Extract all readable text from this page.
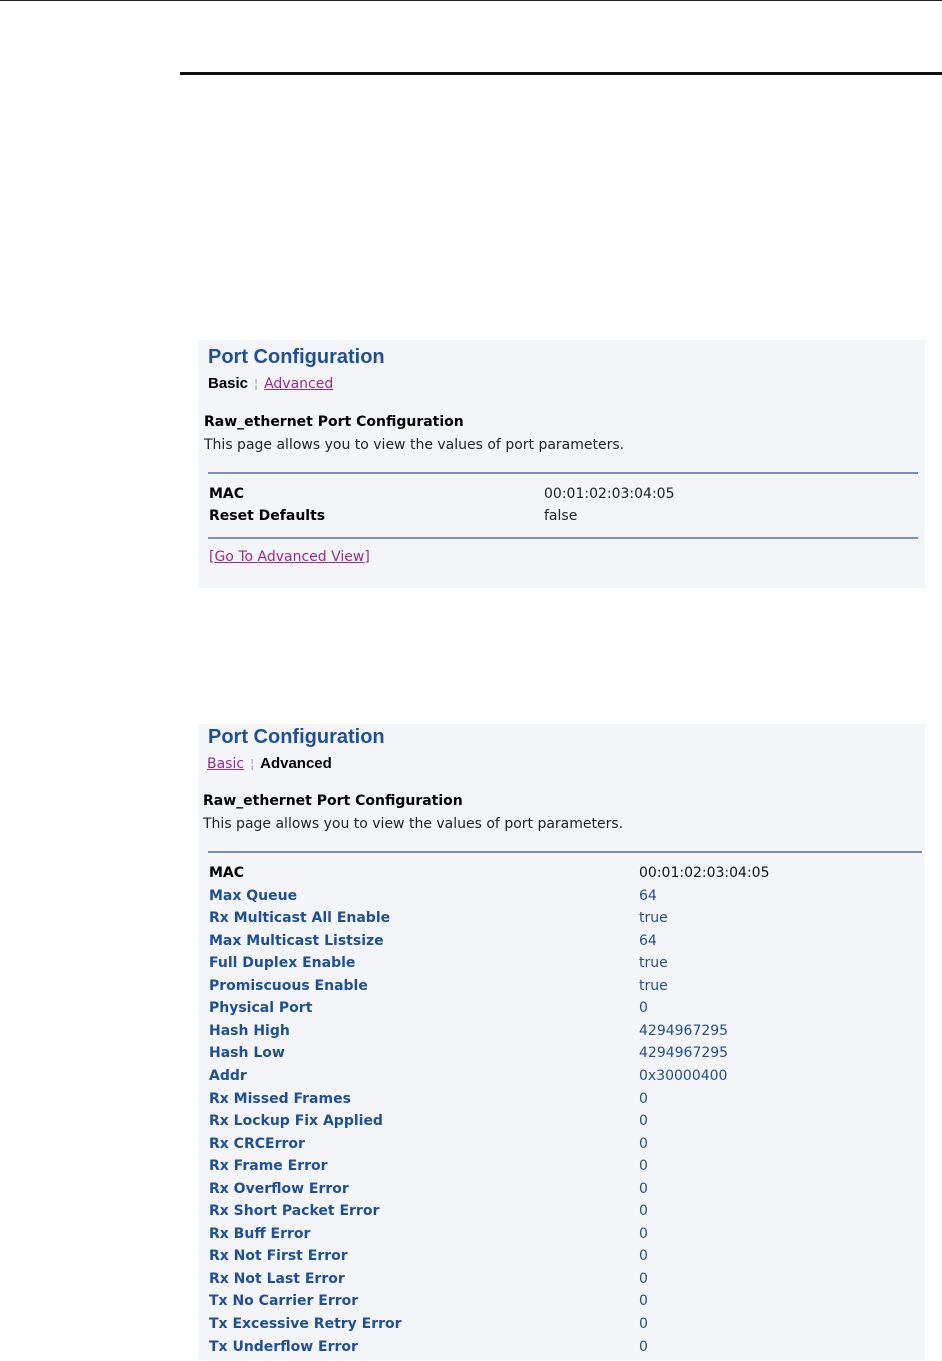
Port Configuration
Basic ¦ Advanced
Raw_ethernet Port Configuration
This page allows you to view the values of port parameters.
MAC	00:01:02:03:04:05
Reset Defaults	false
[Go To Advanced View]
Port Configuration
Basic ¦ Advanced
Raw_ethernet Port Configuration
This page allows you to view the values of port parameters.
MAC	00:01:02:03:04:05
Max Queue	64
Rx Multicast All Enable	true
Max Multicast Listsize	64
Full Duplex Enable	true
Promiscuous Enable	true
Physical Port	0
Hash High	4294967295
Hash Low	4294967295
Addr	0x30000400
Rx Missed Frames	0
Rx Lockup Fix Applied	0
Rx CRCError	0
Rx Frame Error	0
Rx Overflow Error	0
Rx Short Packet Error	0
Rx Buff Error	0
Rx Not First Error	0
Rx Not Last Error	0
Tx No Carrier Error	0
Tx Excessive Retry Error	0
Tx Underflow Error	0
